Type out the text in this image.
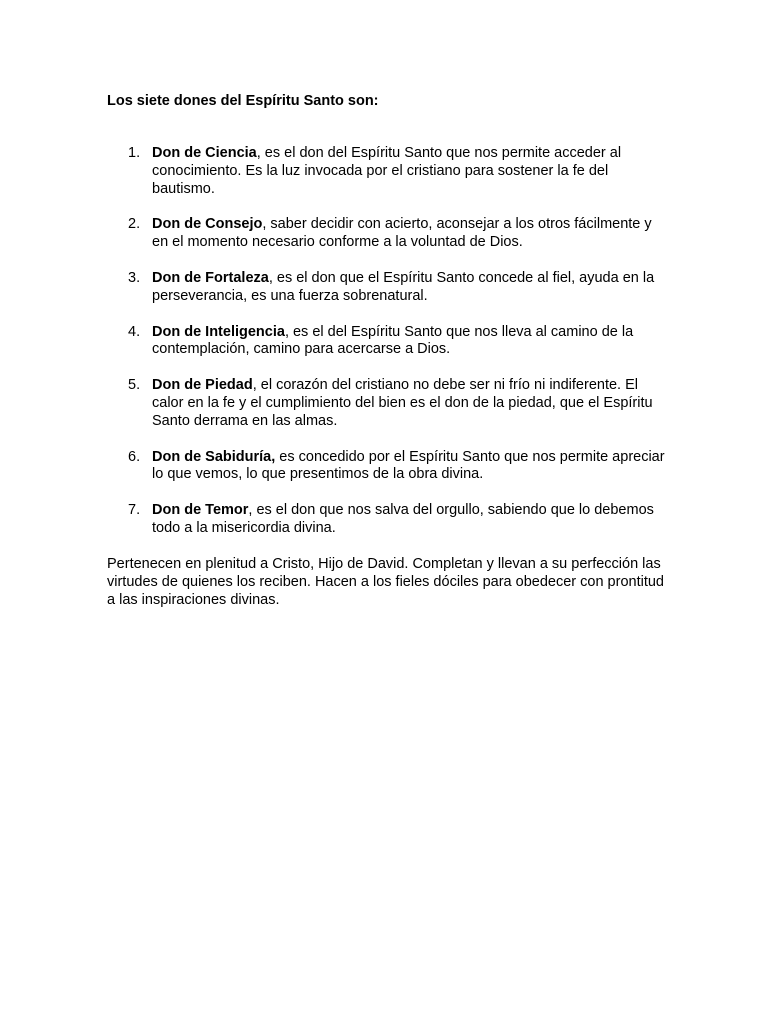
Los siete dones del Espíritu Santo son:
1. Don de Ciencia, es el don del Espíritu Santo que nos permite acceder al conocimiento. Es la luz invocada por el cristiano para sostener la fe del bautismo.
2. Don de Consejo, saber decidir con acierto, aconsejar a los otros fácilmente y en el momento necesario conforme a la voluntad de Dios.
3. Don de Fortaleza, es el don que el Espíritu Santo concede al fiel, ayuda en la perseverancia, es una fuerza sobrenatural.
4. Don de Inteligencia, es el del Espíritu Santo que nos lleva al camino de la contemplación, camino para acercarse a Dios.
5. Don de Piedad, el corazón del cristiano no debe ser ni frío ni indiferente. El calor en la fe y el cumplimiento del bien es el don de la piedad, que el Espíritu Santo derrama en las almas.
6. Don de Sabiduría, es concedido por el Espíritu Santo que nos permite apreciar lo que vemos, lo que presentimos de la obra divina.
7. Don de Temor, es el don que nos salva del orgullo, sabiendo que lo debemos todo a la misericordia divina.

Pertenecen en plenitud a Cristo, Hijo de David. Completan y llevan a su perfección las virtudes de quienes los reciben. Hacen a los fieles dóciles para obedecer con prontitud a las inspiraciones divinas.
